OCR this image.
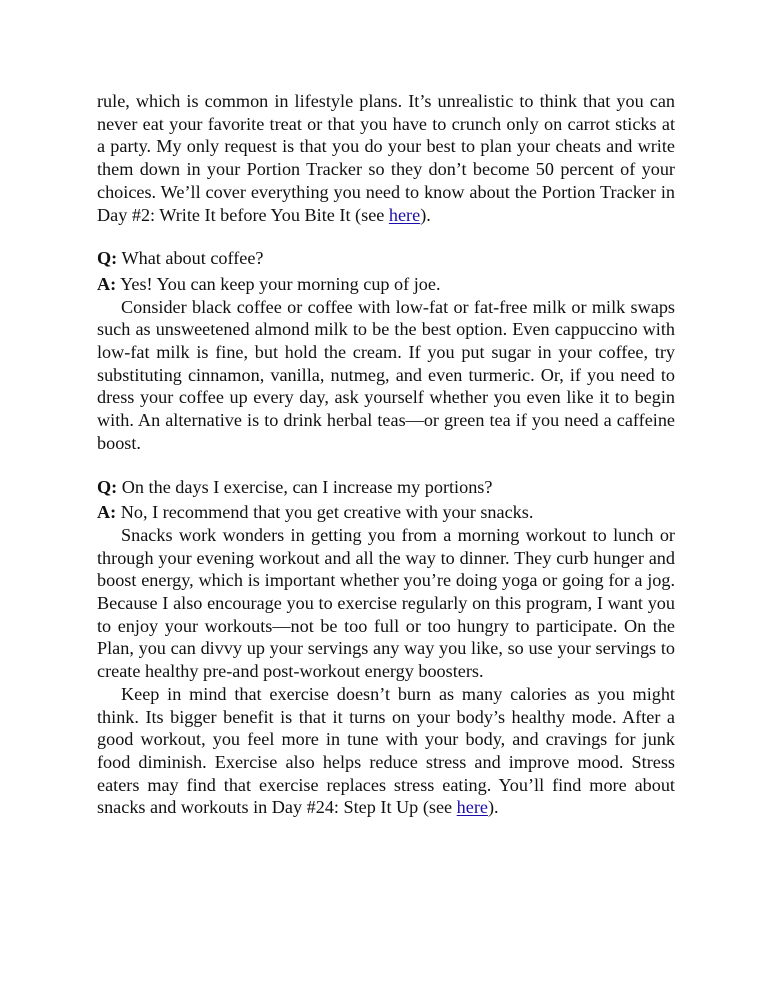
rule, which is common in lifestyle plans. It’s unrealistic to think that you can never eat your favorite treat or that you have to crunch only on carrot sticks at a party. My only request is that you do your best to plan your cheats and write them down in your Portion Tracker so they don’t become 50 percent of your choices. We’ll cover everything you need to know about the Portion Tracker in Day #2: Write It before You Bite It (see here).

Q: What about coffee?

A: Yes! You can keep your morning cup of joe.

Consider black coffee or coffee with low-fat or fat-free milk or milk swaps such as unsweetened almond milk to be the best option. Even cappuccino with low-fat milk is fine, but hold the cream. If you put sugar in your coffee, try substituting cinnamon, vanilla, nutmeg, and even turmeric. Or, if you need to dress your coffee up every day, ask yourself whether you even like it to begin with. An alternative is to drink herbal teas—or green tea if you need a caffeine boost.

Q: On the days I exercise, can I increase my portions?

A: No, I recommend that you get creative with your snacks.

Snacks work wonders in getting you from a morning workout to lunch or through your evening workout and all the way to dinner. They curb hunger and boost energy, which is important whether you’re doing yoga or going for a jog. Because I also encourage you to exercise regularly on this program, I want you to enjoy your workouts—not be too full or too hungry to participate. On the Plan, you can divvy up your servings any way you like, so use your servings to create healthy pre-and post-workout energy boosters.

Keep in mind that exercise doesn’t burn as many calories as you might think. Its bigger benefit is that it turns on your body’s healthy mode. After a good workout, you feel more in tune with your body, and cravings for junk food diminish. Exercise also helps reduce stress and improve mood. Stress eaters may find that exercise replaces stress eating. You’ll find more about snacks and workouts in Day #24: Step It Up (see here).
